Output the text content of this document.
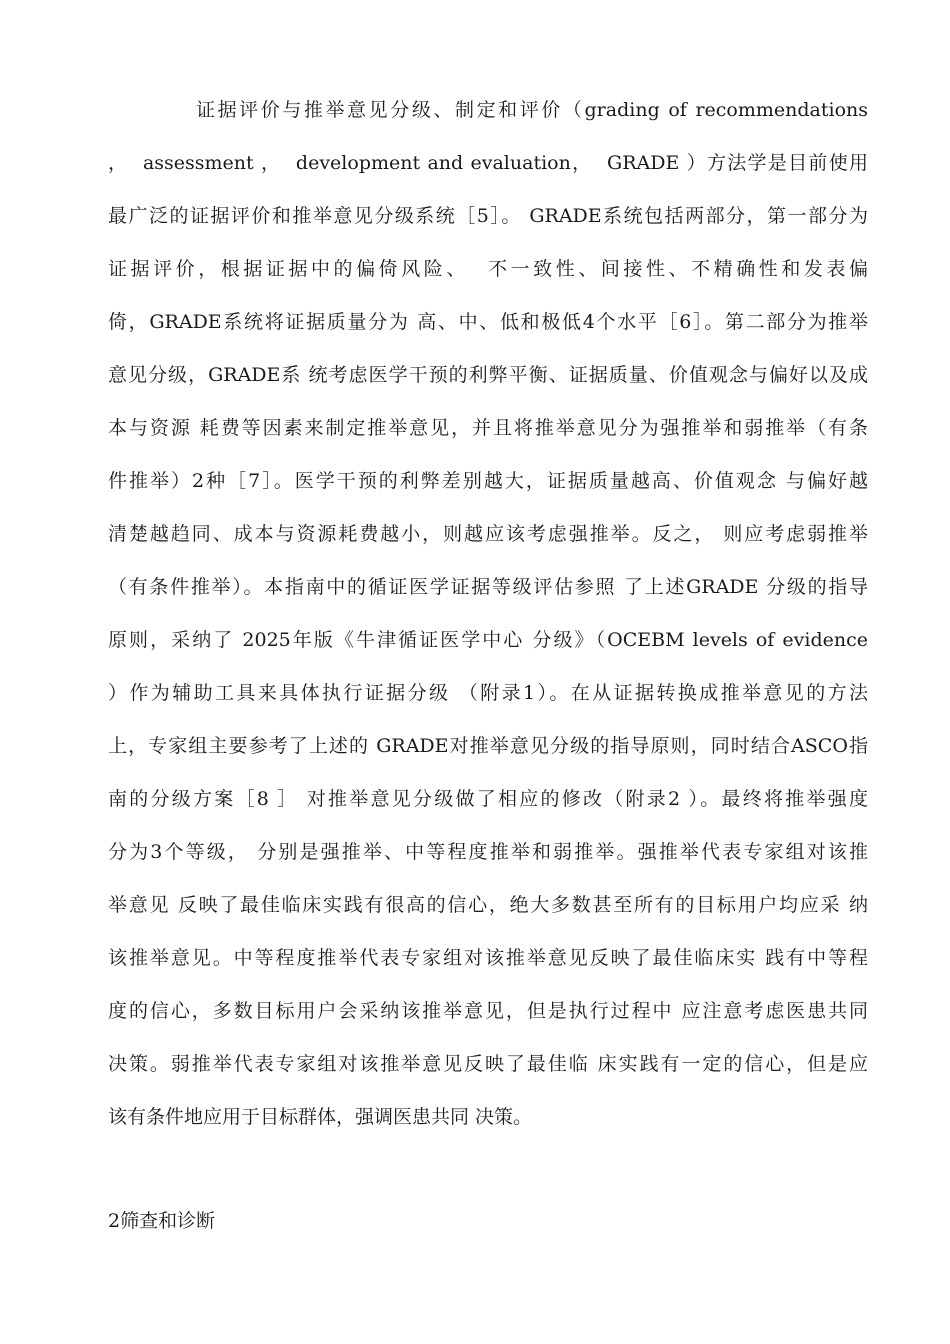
证据评价与推举意见分级、制定和评价（grading of recommendations
，  assessment ，  development and evaluation，  GRADE ）方法学是目前使用
最广泛的证据评价和推举意见分级系统［5］。 GRADE系统包括两部分，第一部分为
证据评价，根据证据中的偏倚风险、  不一致性、间接性、不精确性和发表偏
倚，GRADE系统将证据质量分为 高、中、低和极低4个水平［6］。第二部分为推举
意见分级，GRADE系 统考虑医学干预的利弊平衡、证据质量、价值观念与偏好以及成
本与资源 耗费等因素来制定推举意见，并且将推举意见分为强推举和弱推举（有条
件推举）2种［7］。医学干预的利弊差别越大，证据质量越高、价值观念 与偏好越
清楚越趋同、成本与资源耗费越小，则越应该考虑强推举。反之， 则应考虑弱推举
（有条件推举）。本指南中的循证医学证据等级评估参照 了上述GRADE 分级的指导
原则，采纳了 2025年版《牛津循证医学中心 分级》（OCEBM levels of evidence
）作为辅助工具来具体执行证据分级 （附录1）。在从证据转换成推举意见的方法
上，专家组主要参考了上述的 GRADE对推举意见分级的指导原则，同时结合ASCO指
南的分级方案［8 ］ 对推举意见分级做了相应的修改（附录2 ）。最终将推举强度
分为3个等级， 分别是强推举、中等程度推举和弱推举。强推举代表专家组对该推
举意见 反映了最佳临床实践有很高的信心，绝大多数甚至所有的目标用户均应采 纳
该推举意见。中等程度推举代表专家组对该推举意见反映了最佳临床实 践有中等程
度的信心，多数目标用户会采纳该推举意见，但是执行过程中 应注意考虑医患共同
决策。弱推举代表专家组对该推举意见反映了最佳临 床实践有一定的信心，但是应
该有条件地应用于目标群体，强调医患共同 决策。
2筛查和诊断
